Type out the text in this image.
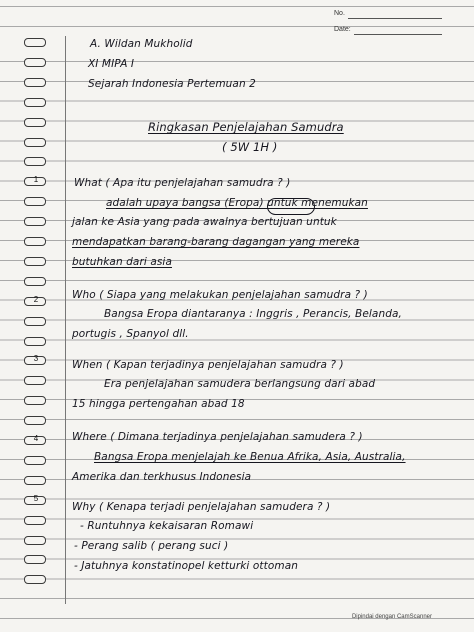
No.
Date:
1
2
3
4
5
A. Wildan Mukholid
XI MIPA I
Sejarah Indonesia Pertemuan 2
Ringkasan Penjelajahan Samudra
( 5W 1H )
What ( Apa itu penjelajahan samudra ? )
adalah upaya bangsa (Eropa) untuk menemukan
jalan ke Asia yang pada awalnya bertujuan untuk
mendapatkan barang-barang dagangan yang mereka
butuhkan dari asia
Who ( Siapa yang melakukan penjelajahan samudra ? )
Bangsa Eropa diantaranya : Inggris , Perancis, Belanda,
portugis , Spanyol dll.
When ( Kapan terjadinya penjelajahan samudra ? )
Era penjelajahan samudera berlangsung dari abad
15 hingga pertengahan abad 18
Where ( Dimana terjadinya penjelajahan samudera ? )
Bangsa Eropa menjelajah ke Benua Afrika, Asia, Australia,
Amerika dan terkhusus Indonesia
Why ( Kenapa terjadi penjelajahan samudera ? )
- Runtuhnya kekaisaran Romawi
- Perang salib ( perang suci )
- Jatuhnya konstatinopel ketturki ottoman
Dipindai dengan CamScanner
